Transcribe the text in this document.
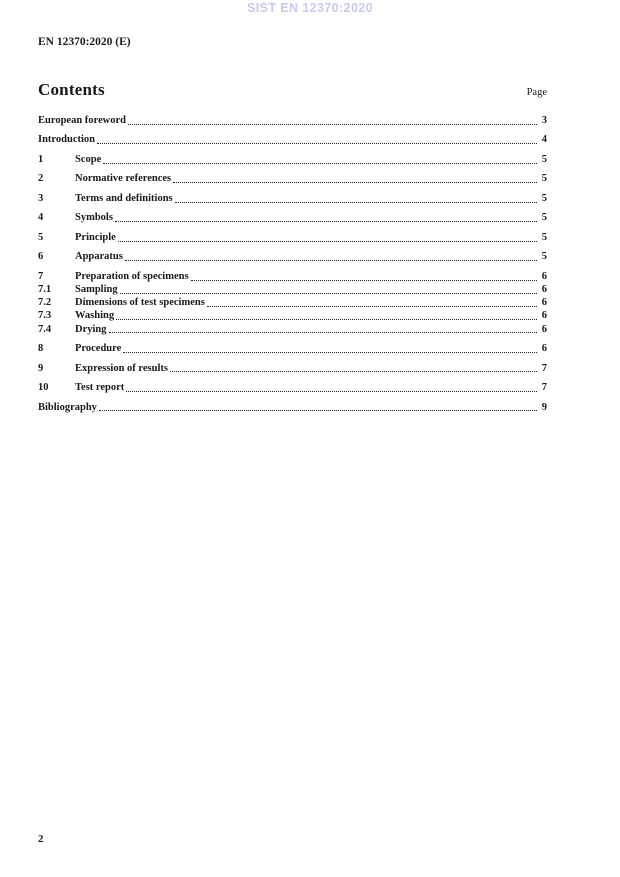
SIST EN 12370:2020
EN 12370:2020 (E)
Contents	Page
European foreword	3
Introduction	4
1	Scope	5
2	Normative references	5
3	Terms and definitions	5
4	Symbols	5
5	Principle	5
6	Apparatus	5
7	Preparation of specimens	6
7.1	Sampling	6
7.2	Dimensions of test specimens	6
7.3	Washing	6
7.4	Drying	6
8	Procedure	6
9	Expression of results	7
10	Test report	7
Bibliography	9
2
